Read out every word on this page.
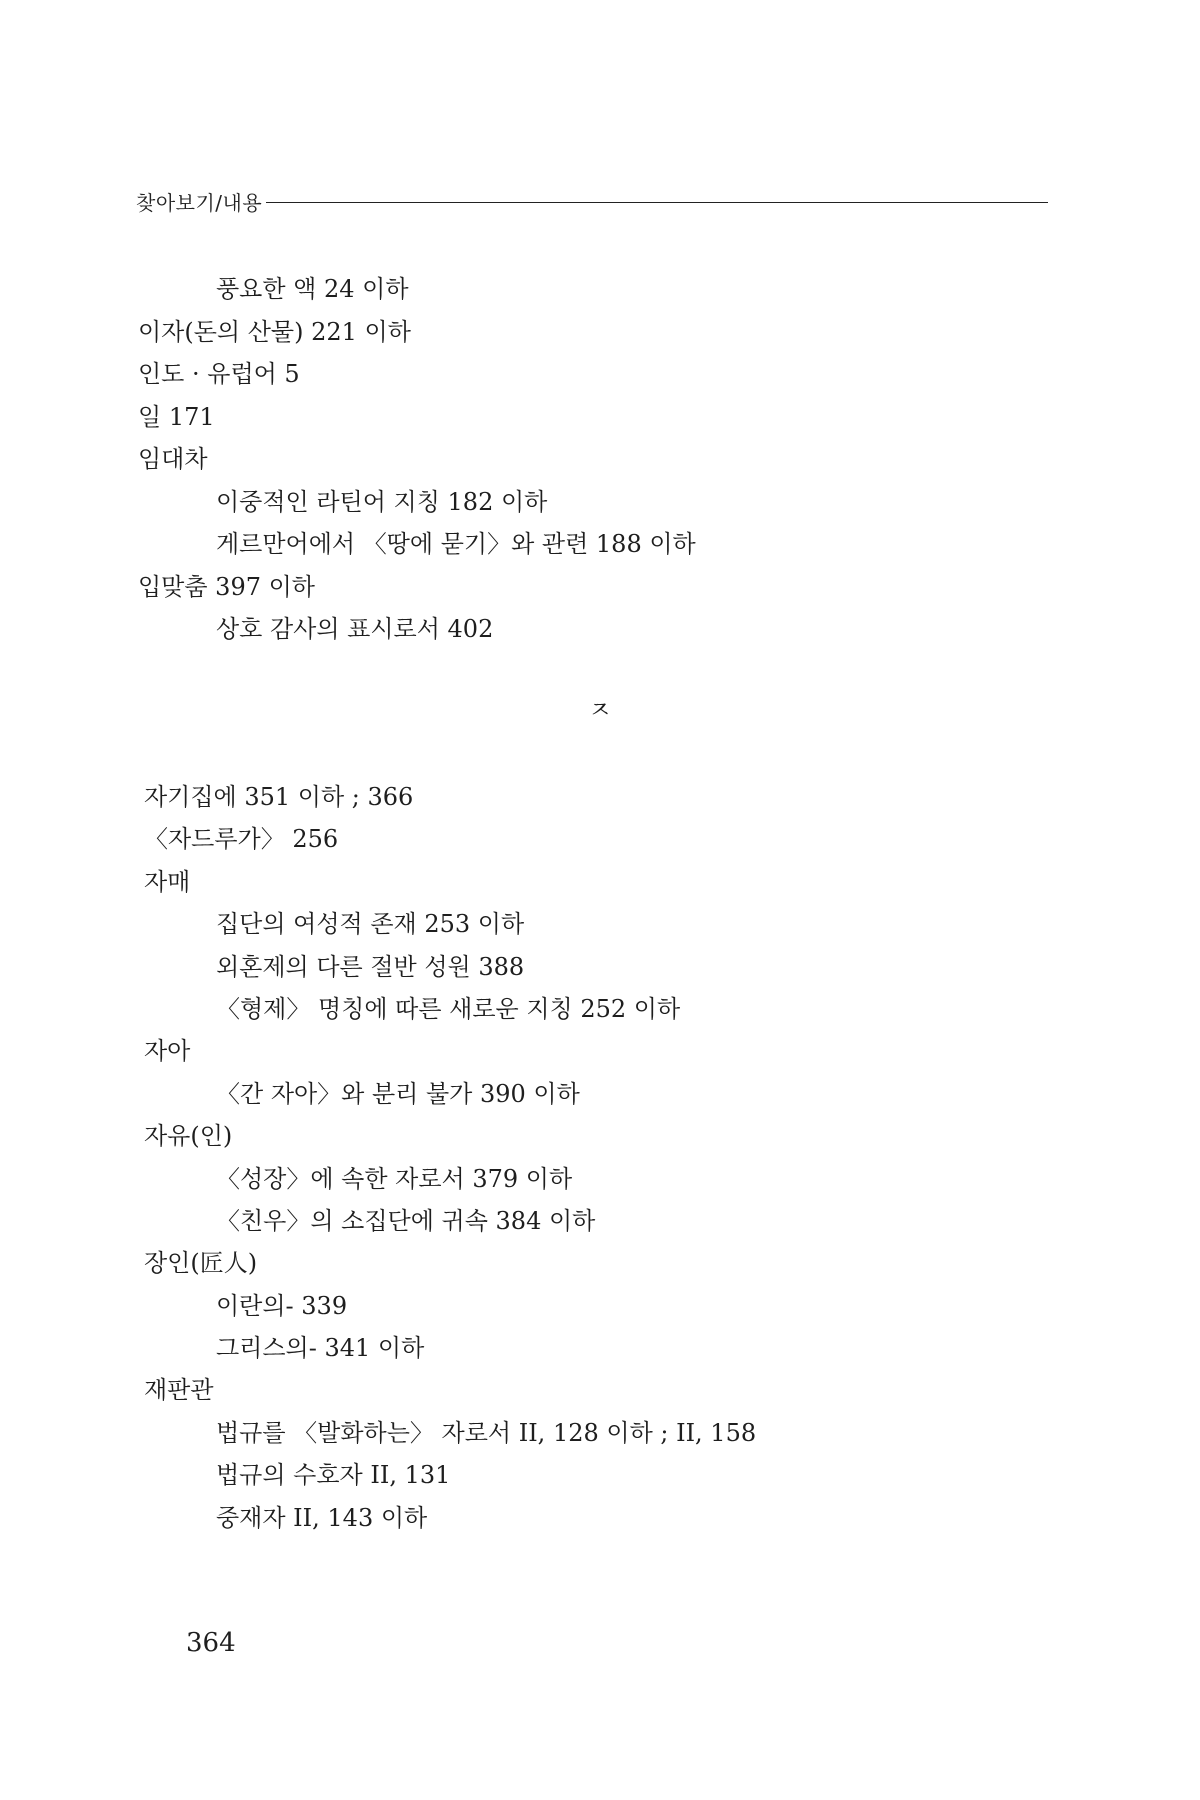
찾아보기/내용
풍요한 액 24 이하
이자(돈의 산물) 221 이하
인도 · 유럽어 5
일 171
임대차
이중적인 라틴어 지칭 182 이하
게르만어에서 〈땅에 묻기〉와 관련 188 이하
입맞춤 397 이하
상호 감사의 표시로서 402
ㅈ
자기집에 351 이하 ; 366
〈자드루가〉 256
자매
집단의 여성적 존재 253 이하
외혼제의 다른 절반 성원 388
〈형제〉 명칭에 따른 새로운 지칭 252 이하
자아
〈간 자아〉와 분리 불가 390 이하
자유(인)
〈성장〉에 속한 자로서 379 이하
〈친우〉의 소집단에 귀속 384 이하
장인(匠人)
이란의- 339
그리스의- 341 이하
재판관
법규를 〈발화하는〉 자로서 II, 128 이하 ; II, 158
법규의 수호자 II, 131
중재자 II, 143 이하
364
